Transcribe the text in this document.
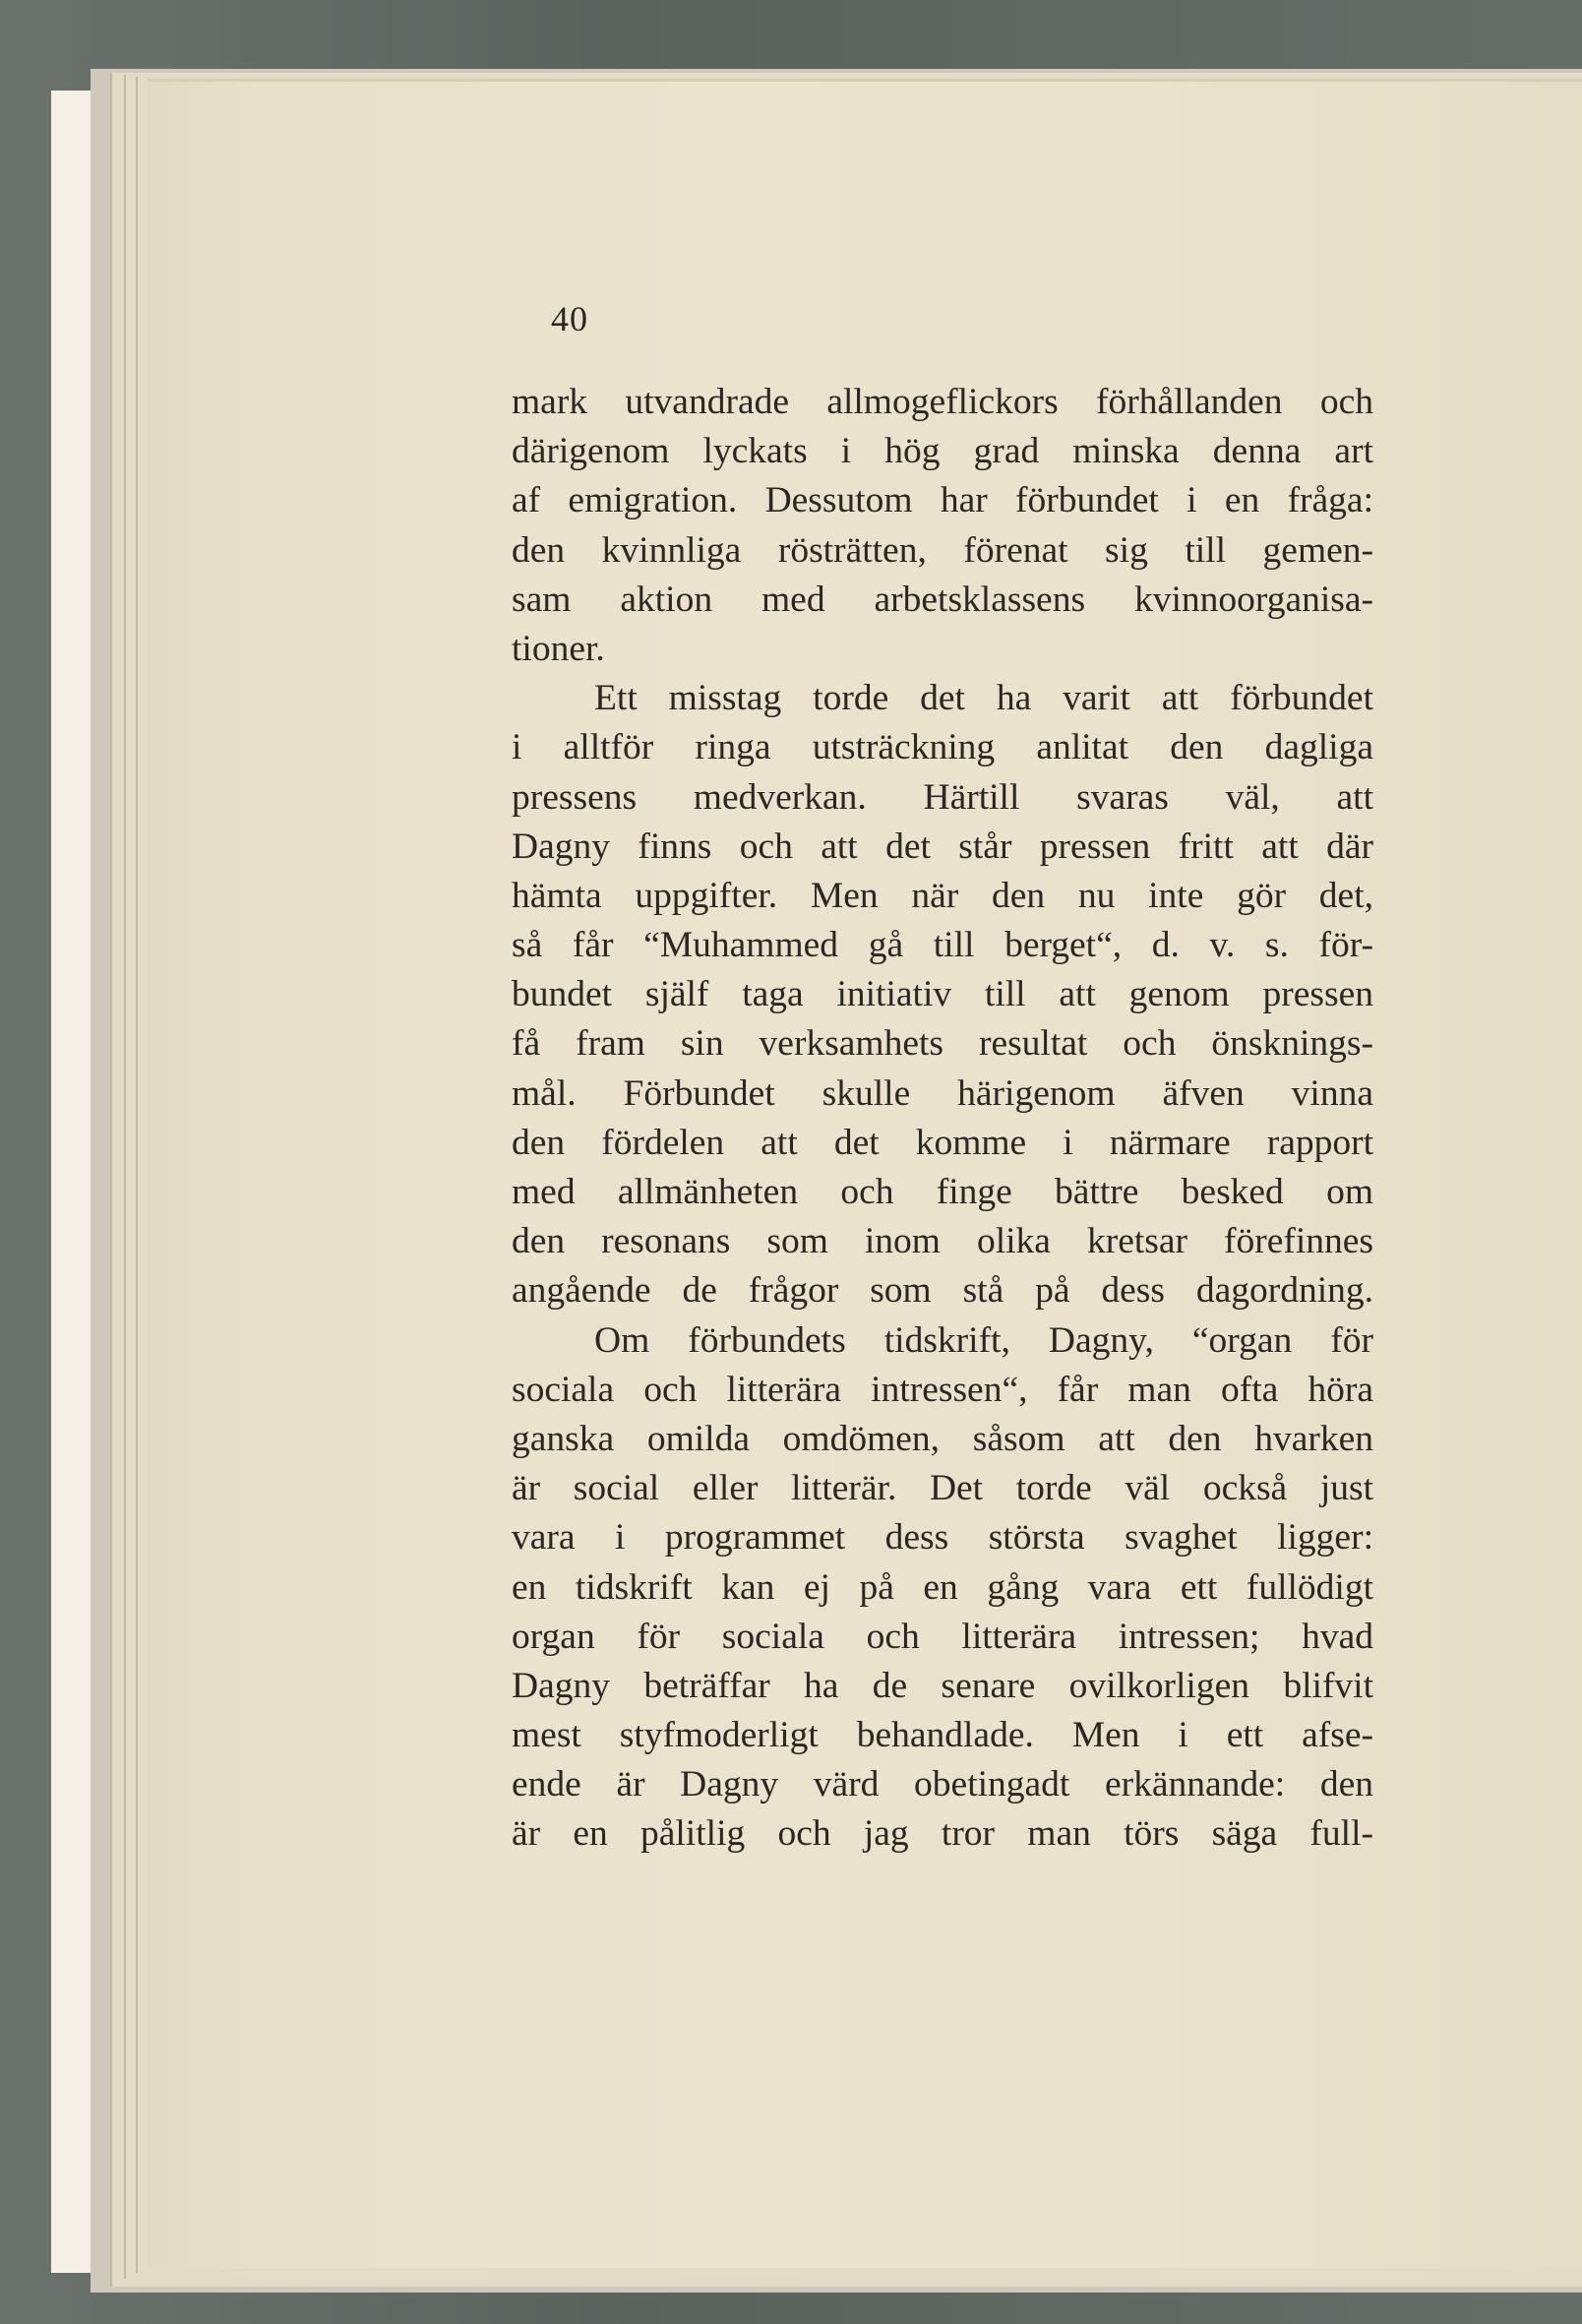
40
mark utvandrade allmogeflickors förhållanden och
därigenom lyckats i hög grad minska denna art
af emigration. Dessutom har förbundet i en fråga:
den kvinnliga rösträtten, förenat sig till gemen-
sam aktion med arbetsklassens kvinnoorganisa-
tioner.
Ett misstag torde det ha varit att förbundet
i alltför ringa utsträckning anlitat den dagliga
pressens medverkan. Härtill svaras väl, att
Dagny finns och att det står pressen fritt att där
hämta uppgifter. Men när den nu inte gör det,
så får “Muhammed gå till berget“, d. v. s. för-
bundet själf taga initiativ till att genom pressen
få fram sin verksamhets resultat och önsknings-
mål. Förbundet skulle härigenom äfven vinna
den fördelen att det komme i närmare rapport
med allmänheten och finge bättre besked om
den resonans som inom olika kretsar förefinnes
angående de frågor som stå på dess dagordning.
Om förbundets tidskrift, Dagny, “organ för
sociala och litterära intressen“, får man ofta höra
ganska omilda omdömen, såsom att den hvarken
är social eller litterär. Det torde väl också just
vara i programmet dess största svaghet ligger:
en tidskrift kan ej på en gång vara ett fullödigt
organ för sociala och litterära intressen; hvad
Dagny beträffar ha de senare ovilkorligen blifvit
mest styfmoderligt behandlade. Men i ett afse-
ende är Dagny värd obetingadt erkännande: den
är en pålitlig och jag tror man törs säga full-
